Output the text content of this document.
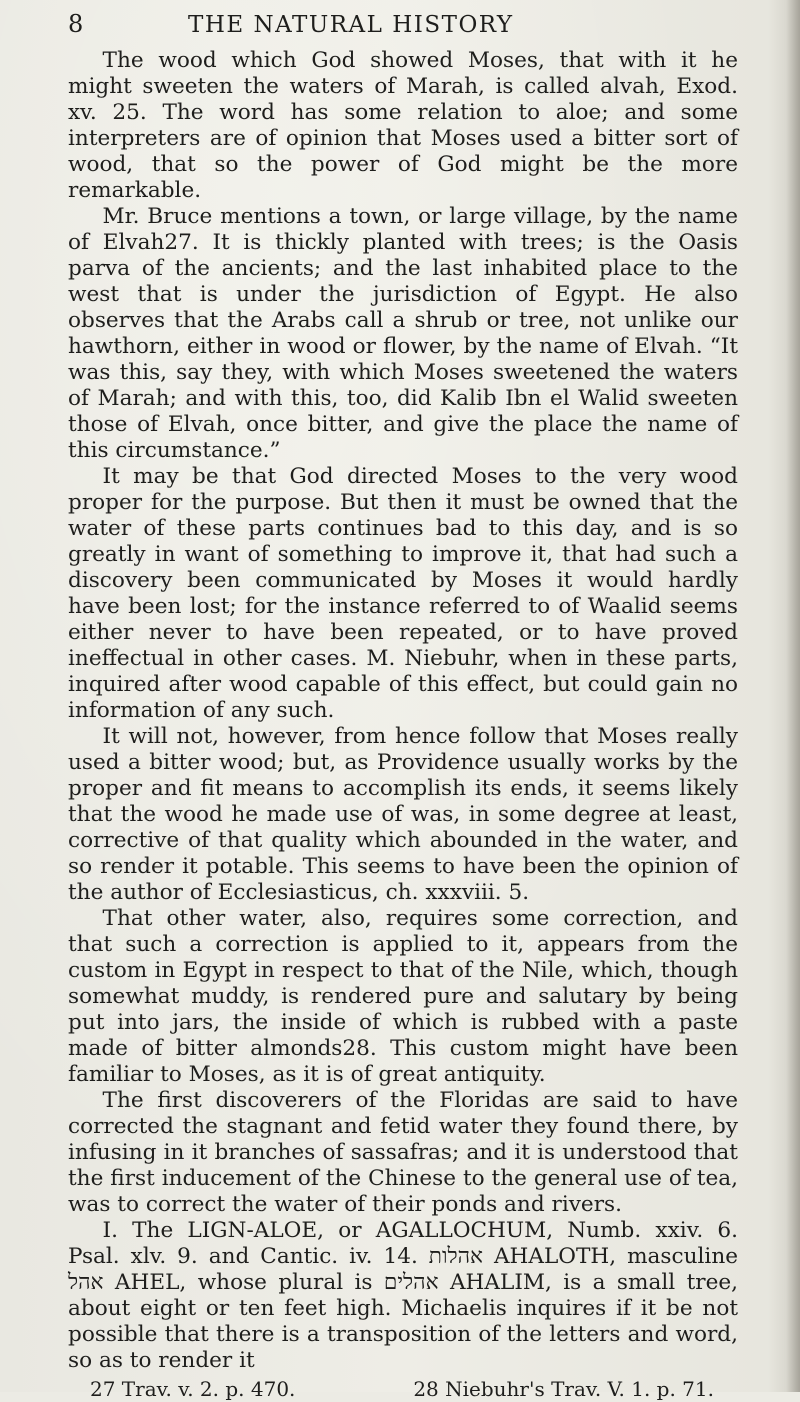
8	THE NATURAL HISTORY

The wood which God showed Moses, that with it he might sweeten the waters of Marah, is called alvah, Exod. xv. 25. The word has some relation to aloe; and some interpreters are of opinion that Moses used a bitter sort of wood, that so the power of God might be the more remarkable.

Mr. Bruce mentions a town, or large village, by the name of Elvah27. It is thickly planted with trees; is the Oasis parva of the ancients; and the last inhabited place to the west that is under the jurisdiction of Egypt. He also observes that the Arabs call a shrub or tree, not unlike our hawthorn, either in wood or flower, by the name of Elvah. “It was this, say they, with which Moses sweetened the waters of Marah; and with this, too, did Kalib Ibn el Walid sweeten those of Elvah, once bitter, and give the place the name of this circumstance.”

It may be that God directed Moses to the very wood proper for the purpose. But then it must be owned that the water of these parts continues bad to this day, and is so greatly in want of something to improve it, that had such a discovery been communicated by Moses it would hardly have been lost; for the instance referred to of Waalid seems either never to have been repeated, or to have proved ineffectual in other cases. M. Niebuhr, when in these parts, inquired after wood capable of this effect, but could gain no information of any such.

It will not, however, from hence follow that Moses really used a bitter wood; but, as Providence usually works by the proper and fit means to accomplish its ends, it seems likely that the wood he made use of was, in some degree at least, corrective of that quality which abounded in the water, and so render it potable. This seems to have been the opinion of the author of Ecclesiasticus, ch. xxxviii. 5.

That other water, also, requires some correction, and that such a correction is applied to it, appears from the custom in Egypt in respect to that of the Nile, which, though somewhat muddy, is rendered pure and salutary by being put into jars, the inside of which is rubbed with a paste made of bitter almonds28. This custom might have been familiar to Moses, as it is of great antiquity.

The first discoverers of the Floridas are said to have corrected the stagnant and fetid water they found there, by infusing in it branches of sassafras; and it is understood that the first inducement of the Chinese to the general use of tea, was to correct the water of their ponds and rivers.

I. The LIGN-ALOE, or AGALLOCHUM, Numb. xxiv. 6. Psal. xlv. 9. and Cantic. iv. 14. אהלות AHALOTH, masculine אהל AHEL, whose plural is אהלים AHALIM, is a small tree, about eight or ten feet high. Michaelis inquires if it be not possible that there is a transposition of the letters and word, so as to render it

27 Trav. v. 2. p. 470.	28 Niebuhr's Trav. V. 1. p. 71.
